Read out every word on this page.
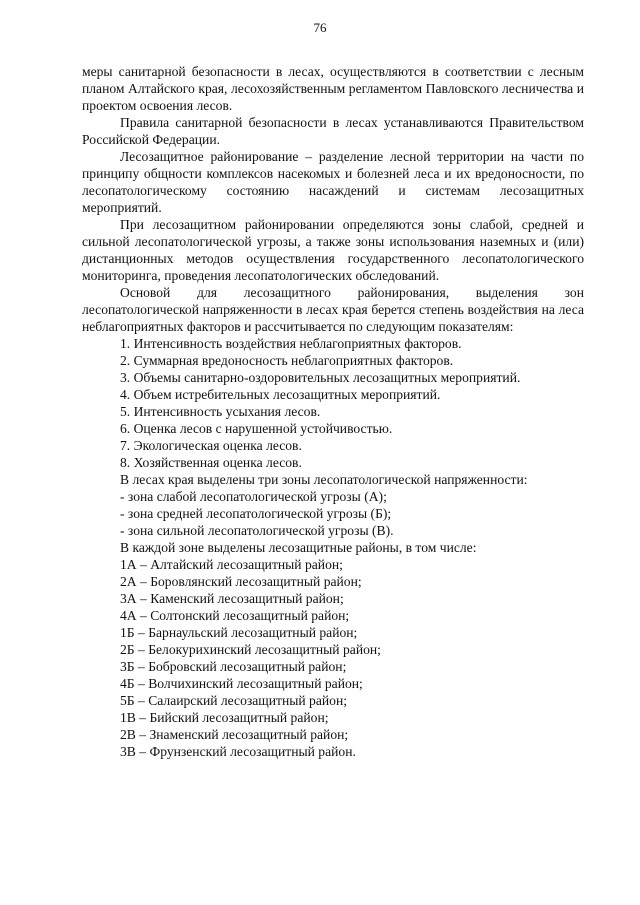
76

меры санитарной безопасности в лесах, осуществляются в соответствии с лесным планом Алтайского края, лесохозяйственным регламентом Павловского лесничества и проектом освоения лесов.

Правила санитарной безопасности в лесах устанавливаются Правительством Российской Федерации.

Лесозащитное районирование – разделение лесной территории на части по принципу общности комплексов насекомых и болезней леса и их вредоносности, по лесопатологическому состоянию насаждений и системам лесозащитных мероприятий.

При лесозащитном районировании определяются зоны слабой, средней и сильной лесопатологической угрозы, а также зоны использования наземных и (или) дистанционных методов осуществления государственного лесопатологического мониторинга, проведения лесопатологических обследований.

Основой для лесозащитного районирования, выделения зон лесопатологической напряженности в лесах края берется степень воздействия на леса неблагоприятных факторов и рассчитывается по следующим показателям:

1. Интенсивность воздействия неблагоприятных факторов.
2. Суммарная вредоносность неблагоприятных факторов.
3. Объемы санитарно-оздоровительных лесозащитных мероприятий.
4. Объем истребительных лесозащитных мероприятий.
5. Интенсивность усыхания лесов.
6. Оценка лесов с нарушенной устойчивостью.
7. Экологическая оценка лесов.
8. Хозяйственная оценка лесов.
В лесах края выделены три зоны лесопатологической напряженности:
- зона слабой лесопатологической угрозы (А);
- зона средней лесопатологической угрозы (Б);
- зона сильной лесопатологической угрозы (В).
В каждой зоне выделены лесозащитные районы, в том числе:
1А – Алтайский лесозащитный район;
2А – Боровлянский лесозащитный район;
3А – Каменский лесозащитный район;
4А – Солтонский лесозащитный район;
1Б – Барнаульский лесозащитный район;
2Б – Белокурихинский лесозащитный район;
3Б – Бобровский лесозащитный район;
4Б – Волчихинский лесозащитный район;
5Б – Салаирский лесозащитный район;
1В – Бийский лесозащитный район;
2В – Знаменский лесозащитный район;
3В – Фрунзенский лесозащитный район.
